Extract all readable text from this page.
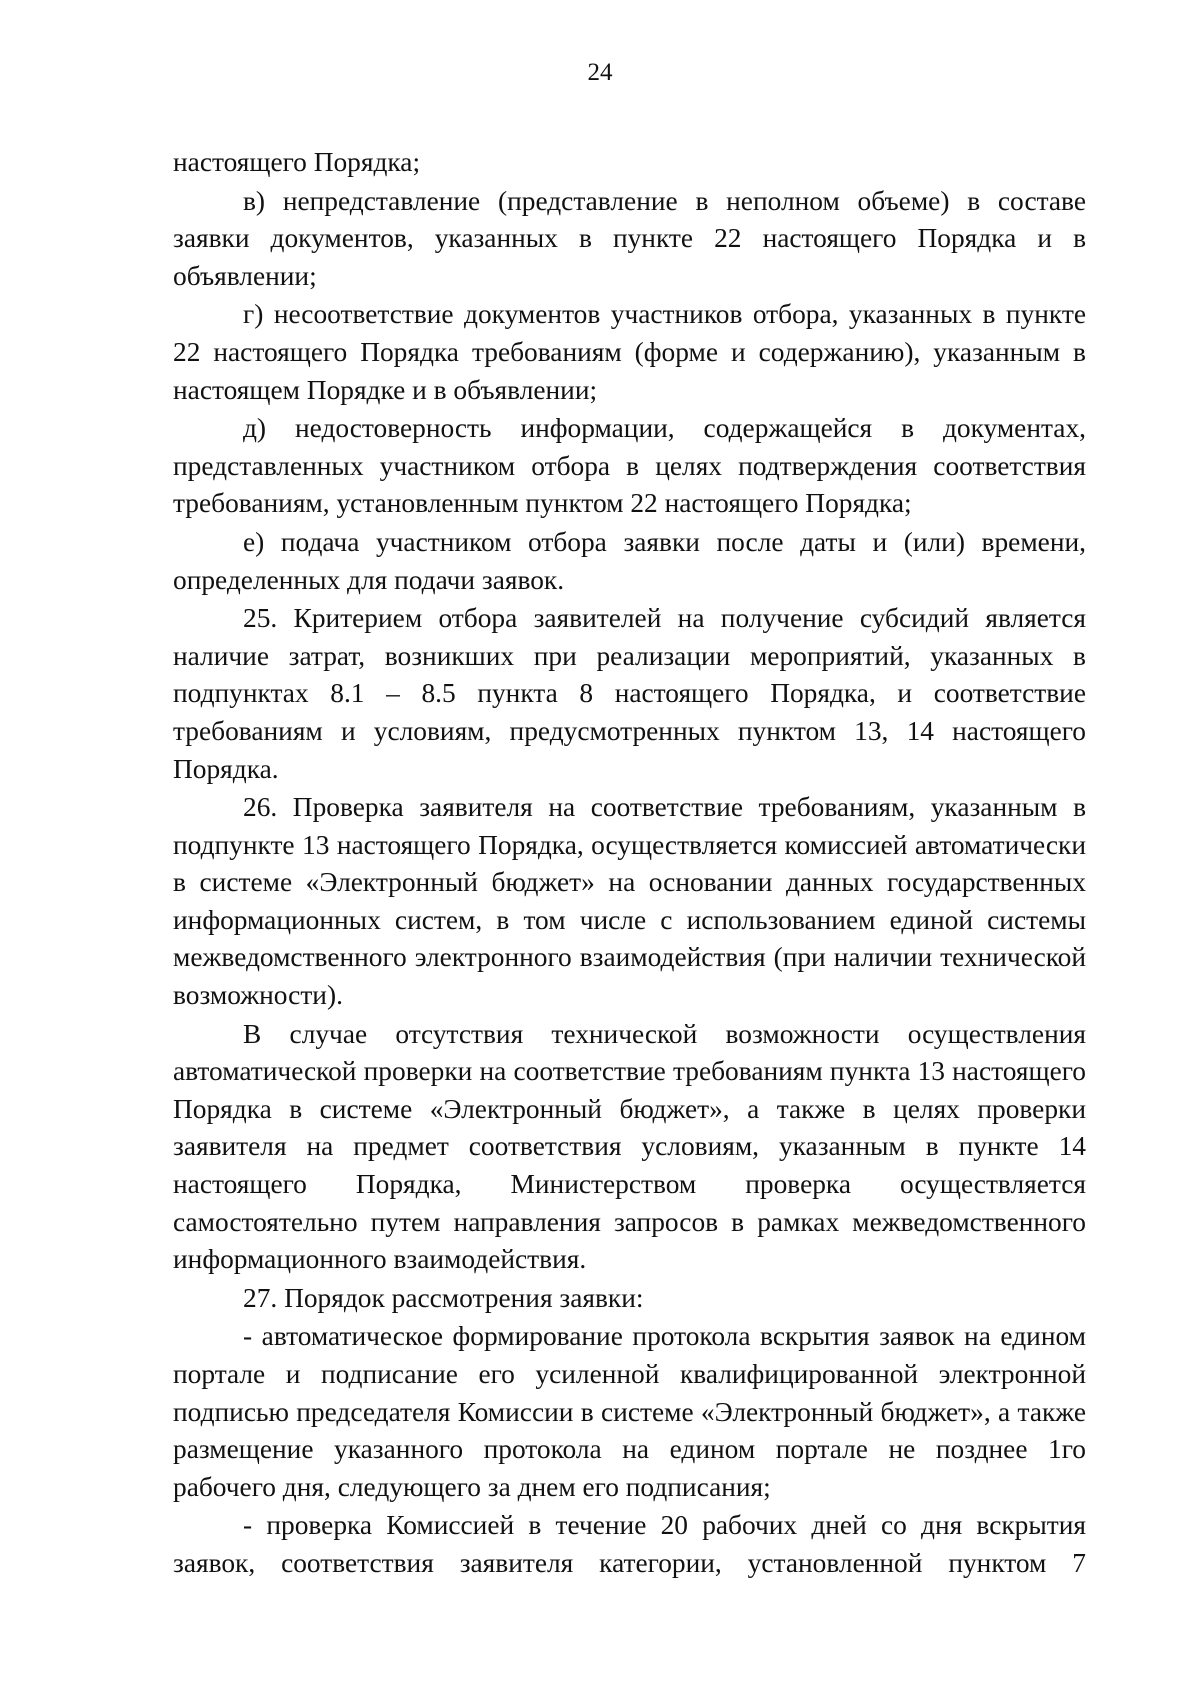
24

настоящего Порядка;

в) непредставление (представление в неполном объеме) в составе заявки документов, указанных в пункте 22 настоящего Порядка и в объявлении;

г) несоответствие документов участников отбора, указанных в пункте 22 настоящего Порядка требованиям (форме и содержанию), указанным в настоящем Порядке и в объявлении;

д) недостоверность информации, содержащейся в документах, представленных участником отбора в целях подтверждения соответствия требованиям, установленным пунктом 22 настоящего Порядка;

е) подача участником отбора заявки после даты и (или) времени, определенных для подачи заявок.

25. Критерием отбора заявителей на получение субсидий является наличие затрат, возникших при реализации мероприятий, указанных в подпунктах 8.1 – 8.5 пункта 8 настоящего Порядка, и соответствие требованиям и условиям, предусмотренных пунктом 13, 14 настоящего Порядка.

26. Проверка заявителя на соответствие требованиям, указанным в подпункте 13 настоящего Порядка, осуществляется комиссией автоматически в системе «Электронный бюджет» на основании данных государственных информационных систем, в том числе с использованием единой системы межведомственного электронного взаимодействия (при наличии технической возможности).

В случае отсутствия технической возможности осуществления автоматической проверки на соответствие требованиям пункта 13 настоящего Порядка в системе «Электронный бюджет», а также в целях проверки заявителя на предмет соответствия условиям, указанным в пункте 14 настоящего Порядка, Министерством проверка осуществляется самостоятельно путем направления запросов в рамках межведомственного информационного взаимодействия.

27. Порядок рассмотрения заявки:

- автоматическое формирование протокола вскрытия заявок на едином портале и подписание его усиленной квалифицированной электронной подписью председателя Комиссии в системе «Электронный бюджет», а также размещение указанного протокола на едином портале не позднее 1го рабочего дня, следующего за днем его подписания;

- проверка Комиссией в течение 20 рабочих дней со дня вскрытия заявок, соответствия заявителя категории, установленной пунктом 7
